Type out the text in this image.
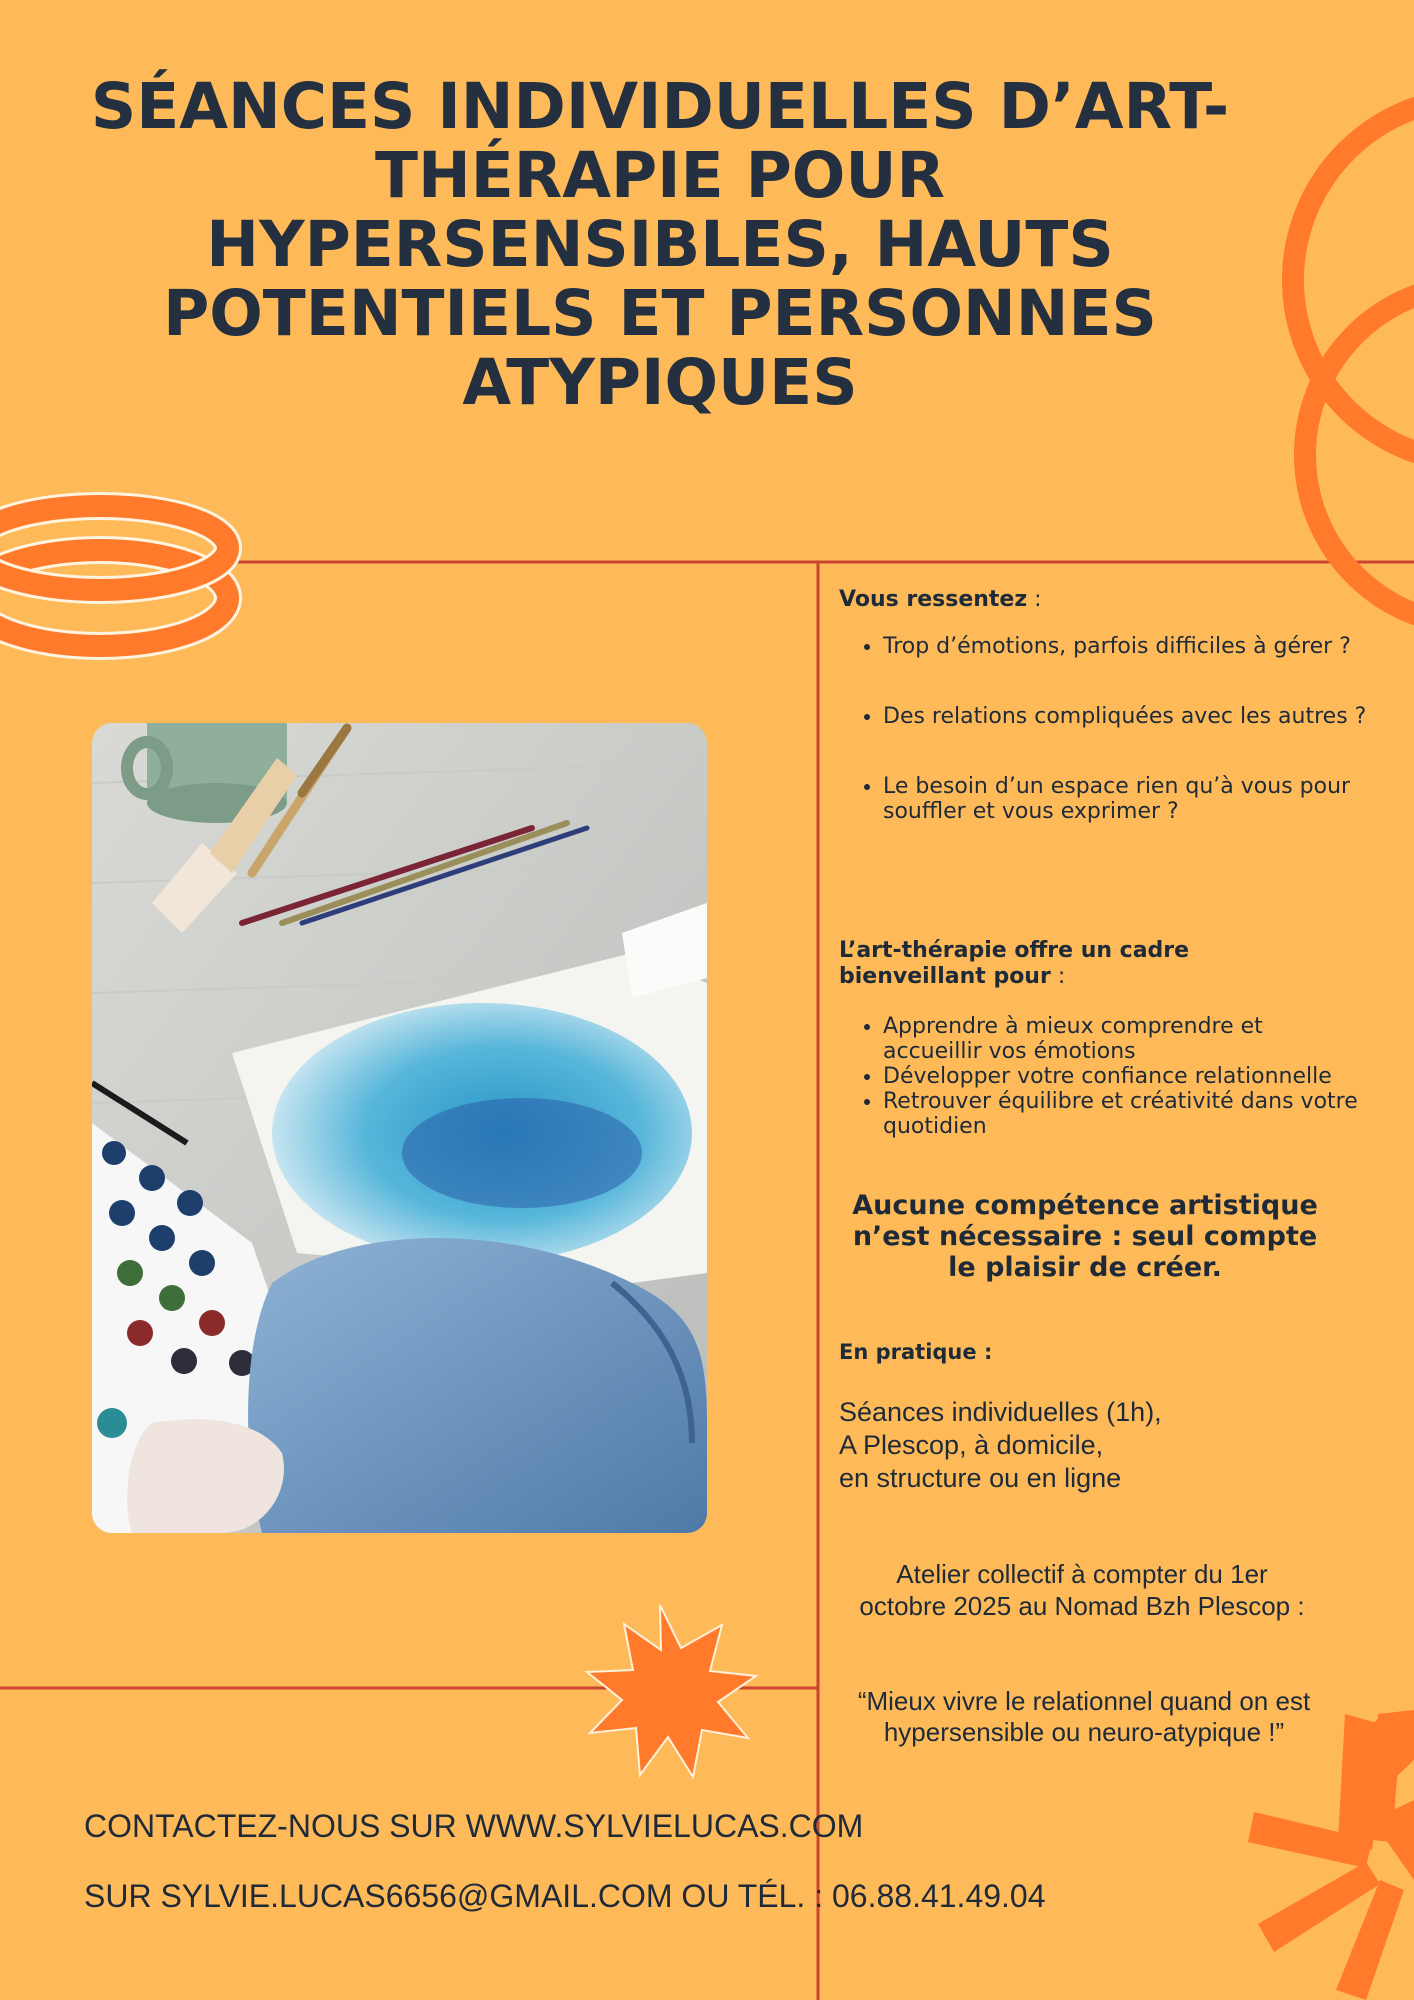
SÉANCES INDIVIDUELLES D’ART-THÉRAPIE POUR HYPERSENSIBLES, HAUTS POTENTIELS ET PERSONNES ATYPIQUES
Vous ressentez :
• Trop d’émotions, parfois difficiles à gérer ?
• Des relations compliquées avec les autres ?
• Le besoin d’un espace rien qu’à vous pour souffler et vous exprimer ?
L’art-thérapie offre un cadre bienveillant pour :
• Apprendre à mieux comprendre et accueillir vos émotions
• Développer votre confiance relationnelle
• Retrouver équilibre et créativité dans votre quotidien
Aucune compétence artistique n’est nécessaire : seul compte le plaisir de créer.
En pratique :
Séances individuelles (1h),
A Plescop, à domicile,
en structure ou en ligne
Atelier collectif à compter du 1er octobre 2025 au Nomad Bzh Plescop :
“Mieux vivre le relationnel quand on est hypersensible ou neuro-atypique !”
CONTACTEZ-NOUS SUR WWW.SYLVIELUCAS.COM
SUR SYLVIE.LUCAS6656@GMAIL.COM OU TÉL. : 06.88.41.49.04
